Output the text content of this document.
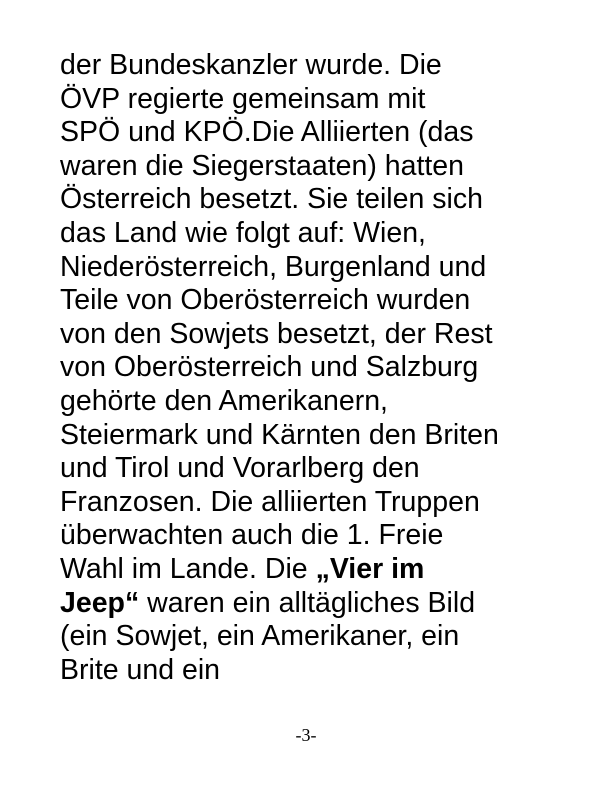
der Bundeskanzler wurde. Die
ÖVP regierte gemeinsam mit
SPÖ und KPÖ.Die Alliierten (das
waren die Siegerstaaten) hatten
Österreich besetzt. Sie teilen sich
das Land wie folgt auf: Wien,
Niederösterreich, Burgenland und
Teile von Oberösterreich wurden
von den Sowjets besetzt, der Rest
von Oberösterreich und Salzburg
gehörte den Amerikanern,
Steiermark und Kärnten den Briten
und Tirol und Vorarlberg den
Franzosen. Die alliierten Truppen
überwachten auch die 1. Freie
Wahl im Lande. Die „Vier im
Jeep“ waren ein alltägliches Bild
(ein Sowjet, ein Amerikaner, ein
Brite und ein
-3-
